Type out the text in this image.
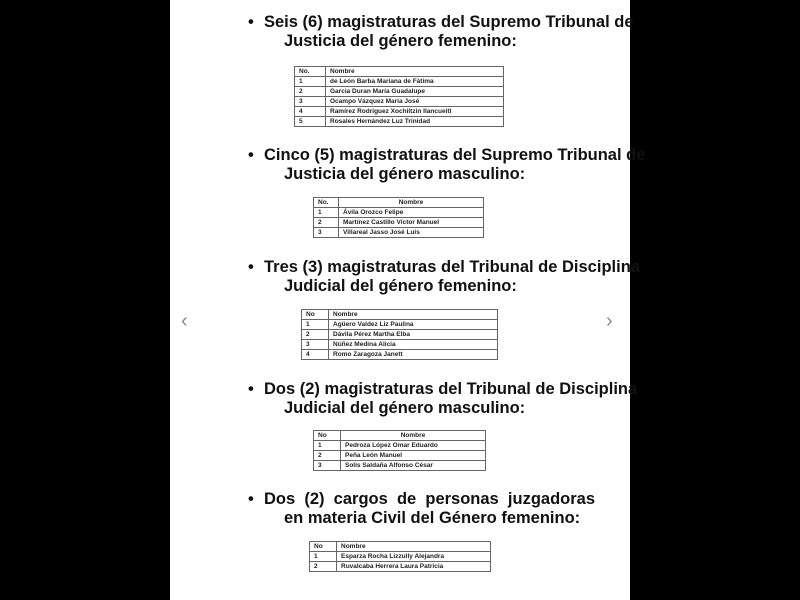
‹	›
• Seis (6) magistraturas del Supremo Tribunal de
Justicia del género femenino:
No.	Nombre
1	de León Barba Mariana de Fátima
2	Garcia Duran María Guadalupe
3	Ocampo Vázquez María José
4	Ramírez Rodríguez Xochiltzin Ilancueitl
5	Rosales Hernández Luz Trinidad
• Cinco (5) magistraturas del Supremo Tribunal de
Justicia del género masculino:
No.	Nombre
1	Ávila Orozco Felipe
2	Martínez Castillo Víctor Manuel
3	Villareal Jasso José Luis
• Tres (3) magistraturas del Tribunal de Disciplina
Judicial del género femenino:
No	Nombre
1	Agüero Valdez Liz Paulina
2	Dávila Pérez Martha Elba
3	Núñez Medina Alicia
4	Romo Zaragoza Janett
• Dos (2) magistraturas del Tribunal de Disciplina
Judicial del género masculino:
No	Nombre
1	Pedroza López Omar Eduardo
2	Peña León Manuel
3	Solis Saldaña Alfonso César
• Dos  (2)  cargos  de  personas  juzgadoras
en materia Civil del Género femenino:
No	Nombre
1	Esparza Rocha Lizzully Alejandra
2	Ruvalcaba Herrera Laura Patricia
